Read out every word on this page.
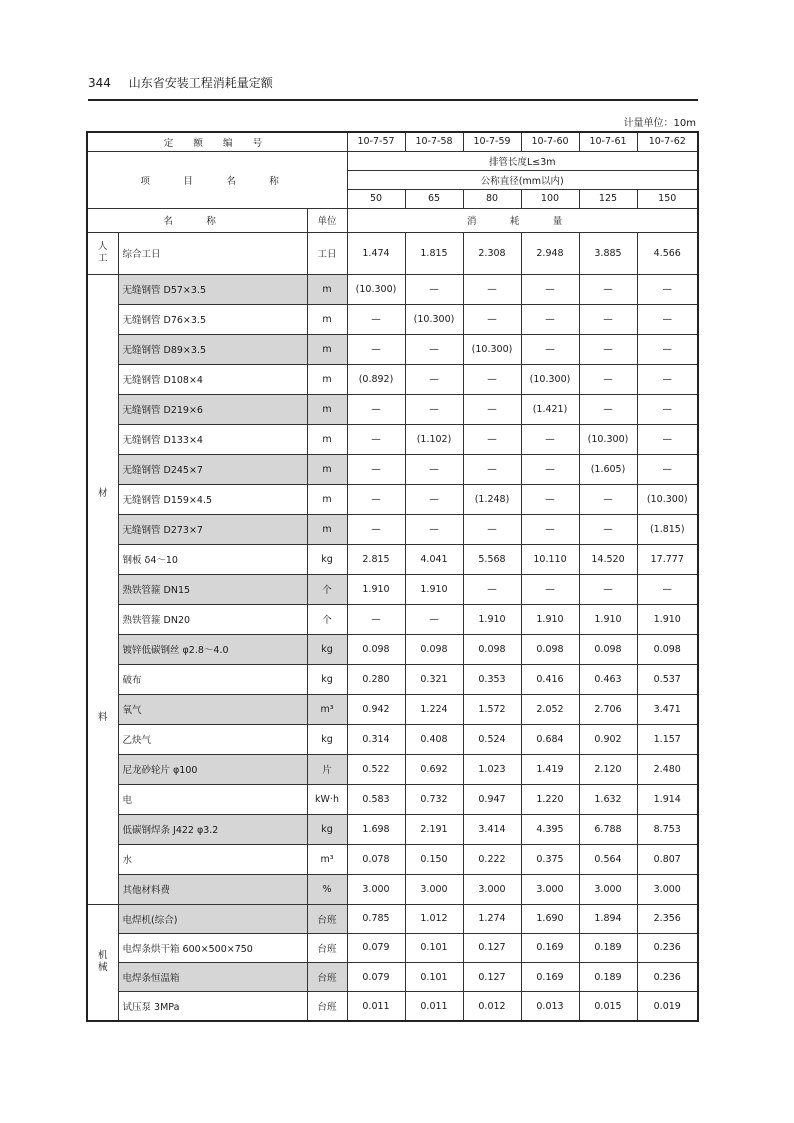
344 山东省安装工程消耗量定额
计量单位：10m
定 额 编 号			10-7-57	10-7-58	10-7-59	10-7-60	10-7-61	10-7-62
项 目 名 称			排管长度L≤3m					
			公称直径(mm以内)					
			50	65	80	100	125	150
名 称		单位	消 耗 量					
人
工	综合工日	工日	1.474	1.815	2.308	2.948	3.885	4.566

材
料	无缝钢管 D57×3.5	m	(10.300)	—	—	—	—	—
	无缝钢管 D76×3.5	m	—	(10.300)	—	—	—	—
	无缝钢管 D89×3.5	m	—	—	(10.300)	—	—	—
	无缝钢管 D108×4	m	(0.892)	—	—	(10.300)	—	—
	无缝钢管 D219×6	m	—	—	—	(1.421)	—	—
	无缝钢管 D133×4	m	—	(1.102)	—	—	(10.300)	—
	无缝钢管 D245×7	m	—	—	—	—	(1.605)	—
	无缝钢管 D159×4.5	m	—	—	(1.248)	—	—	(10.300)
	无缝钢管 D273×7	m	—	—	—	—	—	(1.815)
	钢板 δ4～10	kg	2.815	4.041	5.568	10.110	14.520	17.777
	熟铁管箍 DN15	个	1.910	1.910	—	—	—	—
	熟铁管箍 DN20	个	—	—	1.910	1.910	1.910	1.910
	镀锌低碳钢丝 φ2.8～4.0	kg	0.098	0.098	0.098	0.098	0.098	0.098
	破布	kg	0.280	0.321	0.353	0.416	0.463	0.537
	氧气	m³	0.942	1.224	1.572	2.052	2.706	3.471
	乙炔气	kg	0.314	0.408	0.524	0.684	0.902	1.157
	尼龙砂轮片 φ100	片	0.522	0.692	1.023	1.419	2.120	2.480
	电	kW·h	0.583	0.732	0.947	1.220	1.632	1.914
	低碳钢焊条 J422 φ3.2	kg	1.698	2.191	3.414	4.395	6.788	8.753
	水	m³	0.078	0.150	0.222	0.375	0.564	0.807
	其他材料费	%	3.000	3.000	3.000	3.000	3.000	3.000
机
械	电焊机(综合)	台班	0.785	1.012	1.274	1.690	1.894	2.356
	电焊条烘干箱 600×500×750	台班	0.079	0.101	0.127	0.169	0.189	0.236
	电焊条恒温箱	台班	0.079	0.101	0.127	0.169	0.189	0.236
	试压泵 3MPa	台班	0.011	0.011	0.012	0.013	0.015	0.019
